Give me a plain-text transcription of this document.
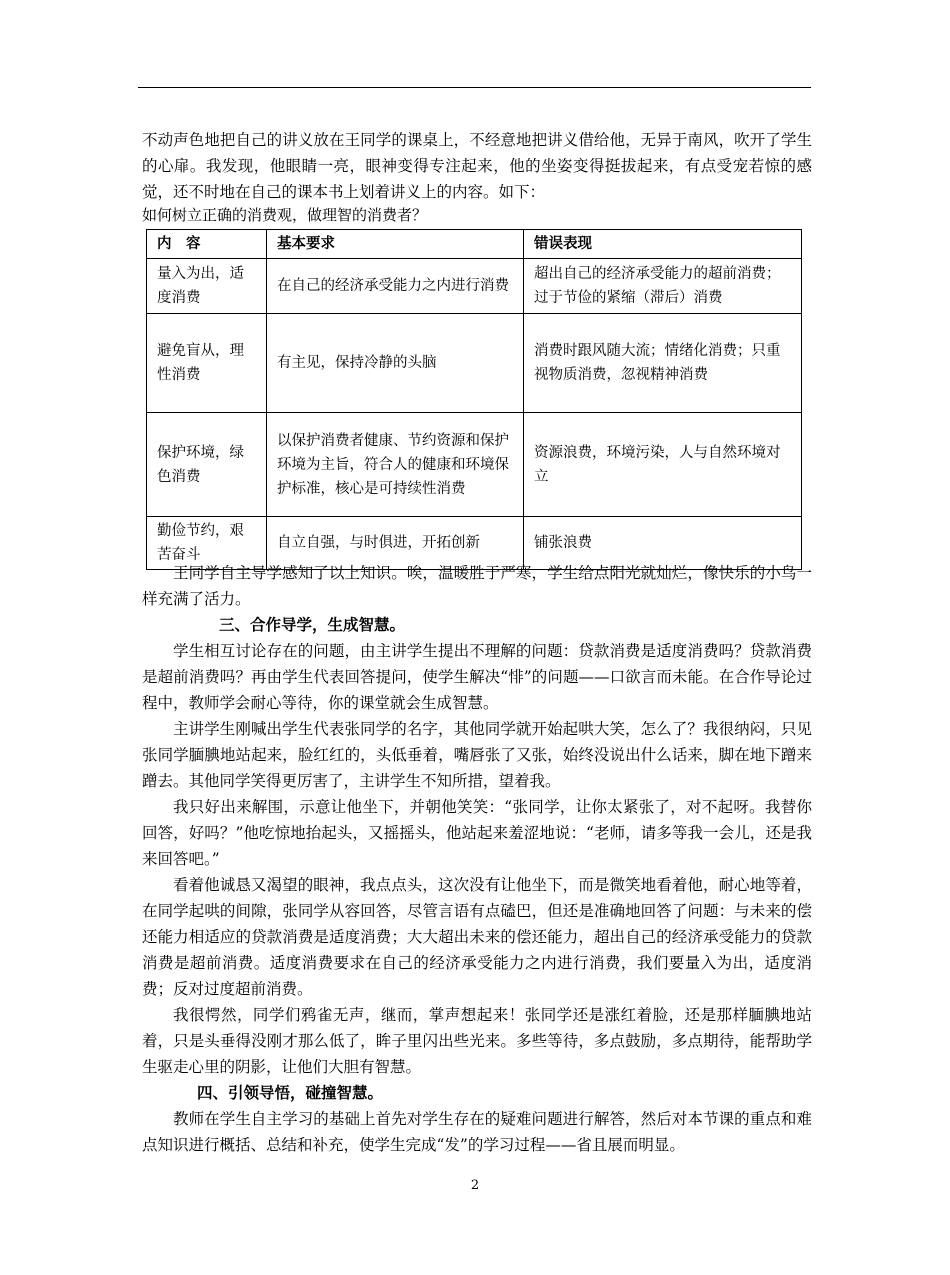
不动声色地把自己的讲义放在王同学的课桌上，不经意地把讲义借给他，无异于南风，吹开了学生的心扉。我发现，他眼睛一亮，眼神变得专注起来，他的坐姿变得挺拔起来，有点受宠若惊的感觉，还不时地在自己的课本书上划着讲义上的内容。如下：

如何树立正确的消费观，做理智的消费者？
内　容	基本要求	错误表现
量入为出，适度消费	在自己的经济承受能力之内进行消费	超出自己的经济承受能力的超前消费；过于节俭的紧缩（滞后）消费
避免盲从，理性消费	有主见，保持冷静的头脑	消费时跟风随大流；情绪化消费；只重视物质消费，忽视精神消费
保护环境，绿色消费	以保护消费者健康、节约资源和保护环境为主旨，符合人的健康和环境保护标准，核心是可持续性消费	资源浪费，环境污染，人与自然环境对立
勤俭节约，艰苦奋斗	自立自强，与时俱进，开拓创新	铺张浪费

王同学自主导学感知了以上知识。唉，温暖胜于严寒，学生给点阳光就灿烂，像快乐的小鸟一样充满了活力。

三、合作导学，生成智慧。

学生相互讨论存在的问题，由主讲学生提出不理解的问题：贷款消费是适度消费吗？贷款消费是超前消费吗？再由学生代表回答提问，使学生解决“悱”的问题——口欲言而未能。在合作导论过程中，教师学会耐心等待，你的课堂就会生成智慧。

主讲学生刚喊出学生代表张同学的名字，其他同学就开始起哄大笑，怎么了？我很纳闷，只见张同学腼腆地站起来，脸红红的，头低垂着，嘴唇张了又张，始终没说出什么话来，脚在地下蹭来蹭去。其他同学笑得更厉害了，主讲学生不知所措，望着我。

我只好出来解围，示意让他坐下，并朝他笑笑：“张同学，让你太紧张了，对不起呀。我替你回答，好吗？”他吃惊地抬起头，又摇摇头，他站起来羞涩地说：“老师，请多等我一会儿，还是我来回答吧。”

看着他诚恳又渴望的眼神，我点点头，这次没有让他坐下，而是微笑地看着他，耐心地等着，在同学起哄的间隙，张同学从容回答，尽管言语有点磕巴，但还是准确地回答了问题：与未来的偿还能力相适应的贷款消费是适度消费；大大超出未来的偿还能力，超出自己的经济承受能力的贷款消费是超前消费。适度消费要求在自己的经济承受能力之内进行消费，我们要量入为出，适度消费；反对过度超前消费。

我很愕然，同学们鸦雀无声，继而，掌声想起来！张同学还是涨红着脸，还是那样腼腆地站着，只是头垂得没刚才那么低了，眸子里闪出些光来。多些等待，多点鼓励，多点期待，能帮助学生驱走心里的阴影，让他们大胆有智慧。

四、引领导悟，碰撞智慧。

教师在学生自主学习的基础上首先对学生存在的疑难问题进行解答，然后对本节课的重点和难点知识进行概括、总结和补充，使学生完成“发”的学习过程——省且展而明显。

2
